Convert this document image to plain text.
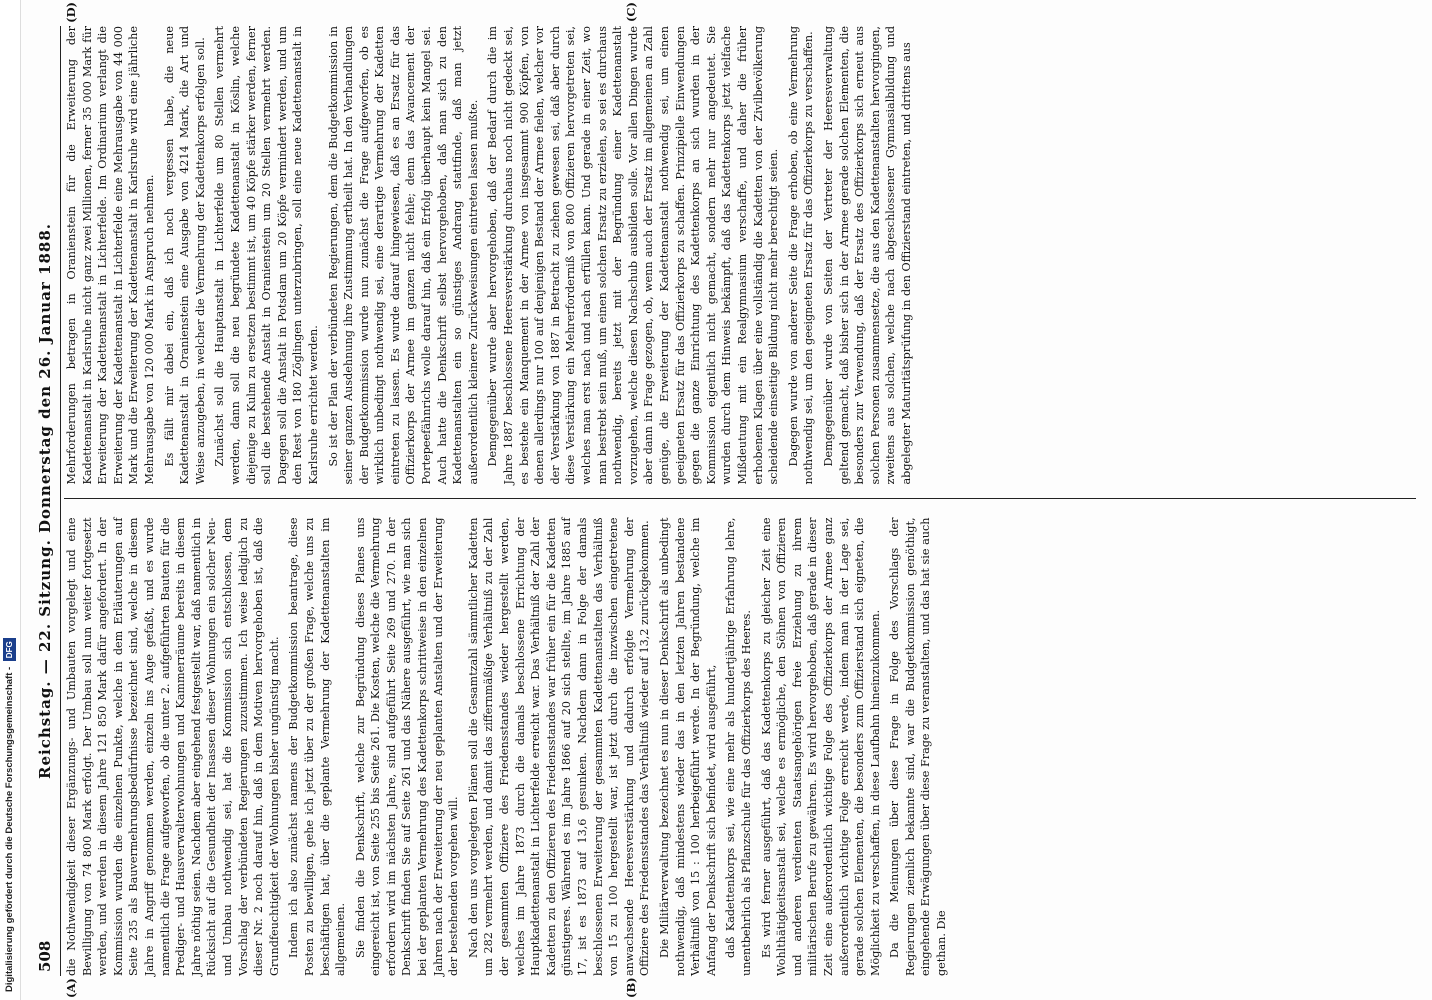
508
Reichstag. — 22. Sitzung. Donnerstag den 26. Januar 1888.
(A)	(B)

die Nothwendigkeit dieser Ergänzungs- und Umbauten vorgelegt und eine Bewilligung von 74 800 Mark erfolgt. Der Umbau soll nun weiter fortgesetzt werden, und werden in diesem Jahre 121 850 Mark dafür angefordert. In der Kommission wurden die einzelnen Punkte, welche in dem Erläuterungen auf Seite 235 als Bauvermehrungsbedürfnisse bezeichnet sind, welche in diesem Jahre in Angriff genommen werden, einzeln ins Auge gefaßt, und es wurde namentlich die Frage aufgeworfen, ob die unter 2. aufgeführten Bauten für die Prediger- und Hausverwalterwohnungen und Kammerräume bereits in diesem Jahre nöthig seien. Nachdem aber eingehend festgestellt war, daß namentlich in Rücksicht auf die Gesundheit der Insassen dieser Wohnungen ein solcher Neu- und Umbau nothwendig sei, hat die Kommission sich entschlossen, dem Vorschlag der verbündeten Regierungen zuzustimmen. Ich weise lediglich zu dieser Nr. 2 noch darauf hin, daß in dem Motiven hervorgehoben ist, daß die Grundfeuchtigkeit der Wohnungen bisher ungünstig macht. Indem ich also zunächst namens der Budgetkommission beantrage, diese Posten zu bewilligen, gehe ich jetzt über zu der großen Frage, welche uns zu beschäftigen hat, über die geplante Vermehrung der Kadettenanstalten im allgemeinen. Sie finden die Denkschrift, welche zur Begründung dieses Planes uns eingereicht ist, von Seite 255 bis Seite 261. Die Kosten, welche die Vermehrung erfordern wird im nächsten Jahre, sind aufgeführt Seite 269 und 270. In der Denkschrift finden Sie auf Seite 261 und das Nähere ausgeführt, wie man sich bei der geplanten Vermehrung des Kadettenkorps schrittweise in den einzelnen Jahren nach der Erweiterung der neu geplanten Anstalten und der Erweiterung der bestehenden vorgehen will. Nach den uns vorgelegten Plänen soll die Gesamtzahl sämmtlicher Kadetten um 282 vermehrt werden, und damit das ziffernmäßige Verhältniß zu der Zahl der gesammten Offiziere des Friedensstandes wieder hergestellt werden, welches im Jahre 1873 durch die damals beschlossene Errichtung der Hauptkadettenanstalt in Lichterfelde erreicht war. Das Verhältniß der Zahl der Kadetten zu den Offizieren des Friedensstandes war früher ein für die Kadetten günstigeres. Während es im Jahre 1866 auf 20 sich stellte, im Jahre 1885 auf 17, ist es 1873 auf 13,6 gesunken. Nachdem dann in Folge der damals beschlossenen Erweiterung der gesammten Kadettenanstalten das Verhältniß von 15 zu 100 hergestellt war, ist jetzt durch die inzwischen eingetretene anwachsende Heeresverstärkung und dadurch erfolgte Vermehrung der Offiziere des Friedensstandes das Verhältniß wieder auf 13,2 zurückgekommen. Die Militärverwaltung bezeichnet es nun in dieser Denkschrift als unbedingt nothwendig, daß mindestens wieder das in den letzten Jahren bestandene Verhältniß von 15 : 100 herbeigeführt werde. In der Begründung, welche im Anfang der Denkschrift sich befindet, wird ausgeführt, daß Kadettenkorps sei, wie eine mehr als hundertjährige Erfahrung lehre, unentbehrlich als Pflanzschule für das Offizierkorps des Heeres. Es wird ferner ausgeführt, daß das Kadettenkorps zu gleicher Zeit eine Wohlthätigkeitsanstalt sei, welche es ermögliche, den Söhnen von Offizieren und anderen verdienten Staatsangehörigen freie Erziehung zu ihrem militärischen Berufe zu gewähren. Es wird hervorgehoben, daß gerade in dieser Zeit eine außerordentlich wichtige Folge des Offizierkorps der Armee ganz außerordentlich wichtige Folge erreicht werde, indem man in der Lage sei, gerade solchen Elementen, die besonders zum Offizierstand sich eigneten, die Möglichkeit zu verschaffen, in diese Laufbahn hineinzukommen. Da die Meinungen über diese Frage in Folge des Vorschlags der Regierungen ziemlich bekannte sind, war die Budgetkommission genöthigt, eingehende Erwägungen über diese Frage zu veranstalten, und das hat sie auch gethan. Die

Mehrforderungen betragen in Oranienstein für die Erweiterung der Kadettenanstalt in Karlsruhe nicht ganz zwei Millionen, ferner 35 000 Mark für Erweiterung der Kadettenanstalt in Lichterfelde. Im Ordinarium verlangt die Erweiterung der Kadettenanstalt in Lichterfelde eine Mehrausgabe von 44 000 Mark und die Erweiterung der Kadettenanstalt in Karlsruhe wird eine jährliche Mehrausgabe von 120 000 Mark in Anspruch nehmen. Es fällt mir dabei ein, daß ich noch vergessen habe, die neue Kadettenanstalt in Oranienstein eine Ausgabe von 4214 Mark, die Art und Weise anzugeben, in welcher die Vermehrung der Kadettenkorps erfolgen soll. Zunächst soll die Hauptanstalt in Lichterfelde um 80 Stellen vermehrt werden, dann soll die neu begründete Kadettenanstalt in Köslin, welche diejenige zu Kulm zu ersetzen bestimmt ist, um 40 Köpfe stärker werden, ferner soll die bestehende Anstalt in Oranienstein um 20 Stellen vermehrt werden. Dagegen soll die Anstalt in Potsdam um 20 Köpfe vermindert werden, und um den Rest von 180 Zöglingen unterzubringen, soll eine neue Kadettenanstalt in Karlsruhe errichtet werden. So ist der Plan der verbündeten Regierungen, dem die Budgetkommission in seiner ganzen Ausdehnung ihre Zustimmung ertheilt hat. In den Verhandlungen der Budgetkommission wurde nun zunächst die Frage aufgeworfen, ob es wirklich unbedingt nothwendig sei, eine derartige Vermehrung der Kadetten eintreten zu lassen. Es wurde darauf hingewiesen, daß es an Ersatz für das Offizierkorps der Armee im ganzen nicht fehle; denn das Avancement der Portepeefähnrichs wolle darauf hin, daß ein Erfolg überhaupt kein Mangel sei. Auch hatte die Denkschrift selbst hervorgehoben, daß man sich zu den Kadettenanstalten ein so günstiges Andrang stattfinde, daß man jetzt außerordentlich kleinere Zurückweisungen eintreten lassen mußte. Demgegenüber wurde aber hervorgehoben, daß der Bedarf durch die im Jahre 1887 beschlossene Heeresverstärkung durchaus noch nicht gedeckt sei, es bestehe ein Manquement in der Armee von insgesammt 900 Köpfen, von denen allerdings nur 100 auf denjenigen Bestand der Armee fielen, welcher vor der Verstärkung von 1887 in Betracht zu ziehen gewesen sei, daß aber durch diese Verstärkung ein Mehrerforderniß von 800 Offizieren hervorgetreten sei, welches man erst nach und nach erfüllen kann. Und gerade in einer Zeit, wo man bestrebt sein muß, um einen solchen Ersatz zu erzielen, so sei es durchaus nothwendig, bereits jetzt mit der Begründung einer Kadettenanstalt vorzugehen, welche diesen Nachschub ausbilden solle. Vor allen Dingen wurde aber dann in Frage gezogen, ob, wenn auch der Ersatz im allgemeinen an Zahl genüge, die Erweiterung der Kadettenanstalt nothwendig sei, um einen geeigneten Ersatz für das Offizierkorps zu schaffen. Prinzipielle Einwendungen gegen die ganze Einrichtung des Kadettenkorps an sich wurden in der Kommission eigentlich nicht gemacht, sondern mehr nur angedeutet. Sie wurden durch dem Hinweis bekämpft, daß das Kadettenkorps jetzt vielfache Mißdeutung mit ein Realgymnasium verschaffe, und daher die früher erhobenen Klagen über eine vollständig die Kadetten von der Zivilbevölkerung scheidende einseitige Bildung nicht mehr berechtigt seien. Dagegen wurde von anderer Seite die Frage erhoben, ob eine Vermehrung nothwendig sei, um den geeigneten Ersatz für das Offizierkorps zu verschaffen. Demgegenüber wurde von Seiten der Vertreter der Heeresverwaltung geltend gemacht, daß bisher sich in der Armee gerade solchen Elementen, die besonders zur Verwendung, daß der Ersatz des Offizierkorps sich erneut aus solchen Personen zusammensetze, die aus den Kadettenanstalten hervorgingen, zweitens aus solchen, welche nach abgeschlossener Gymnasialbildung und abgelegter Maturitätsprüfung in den Offizierstand eintreten, und drittens aus

(D)	(C)
Digitalisierung gefördert durch die Deutsche Forschungsgemeinschaft - DFG
